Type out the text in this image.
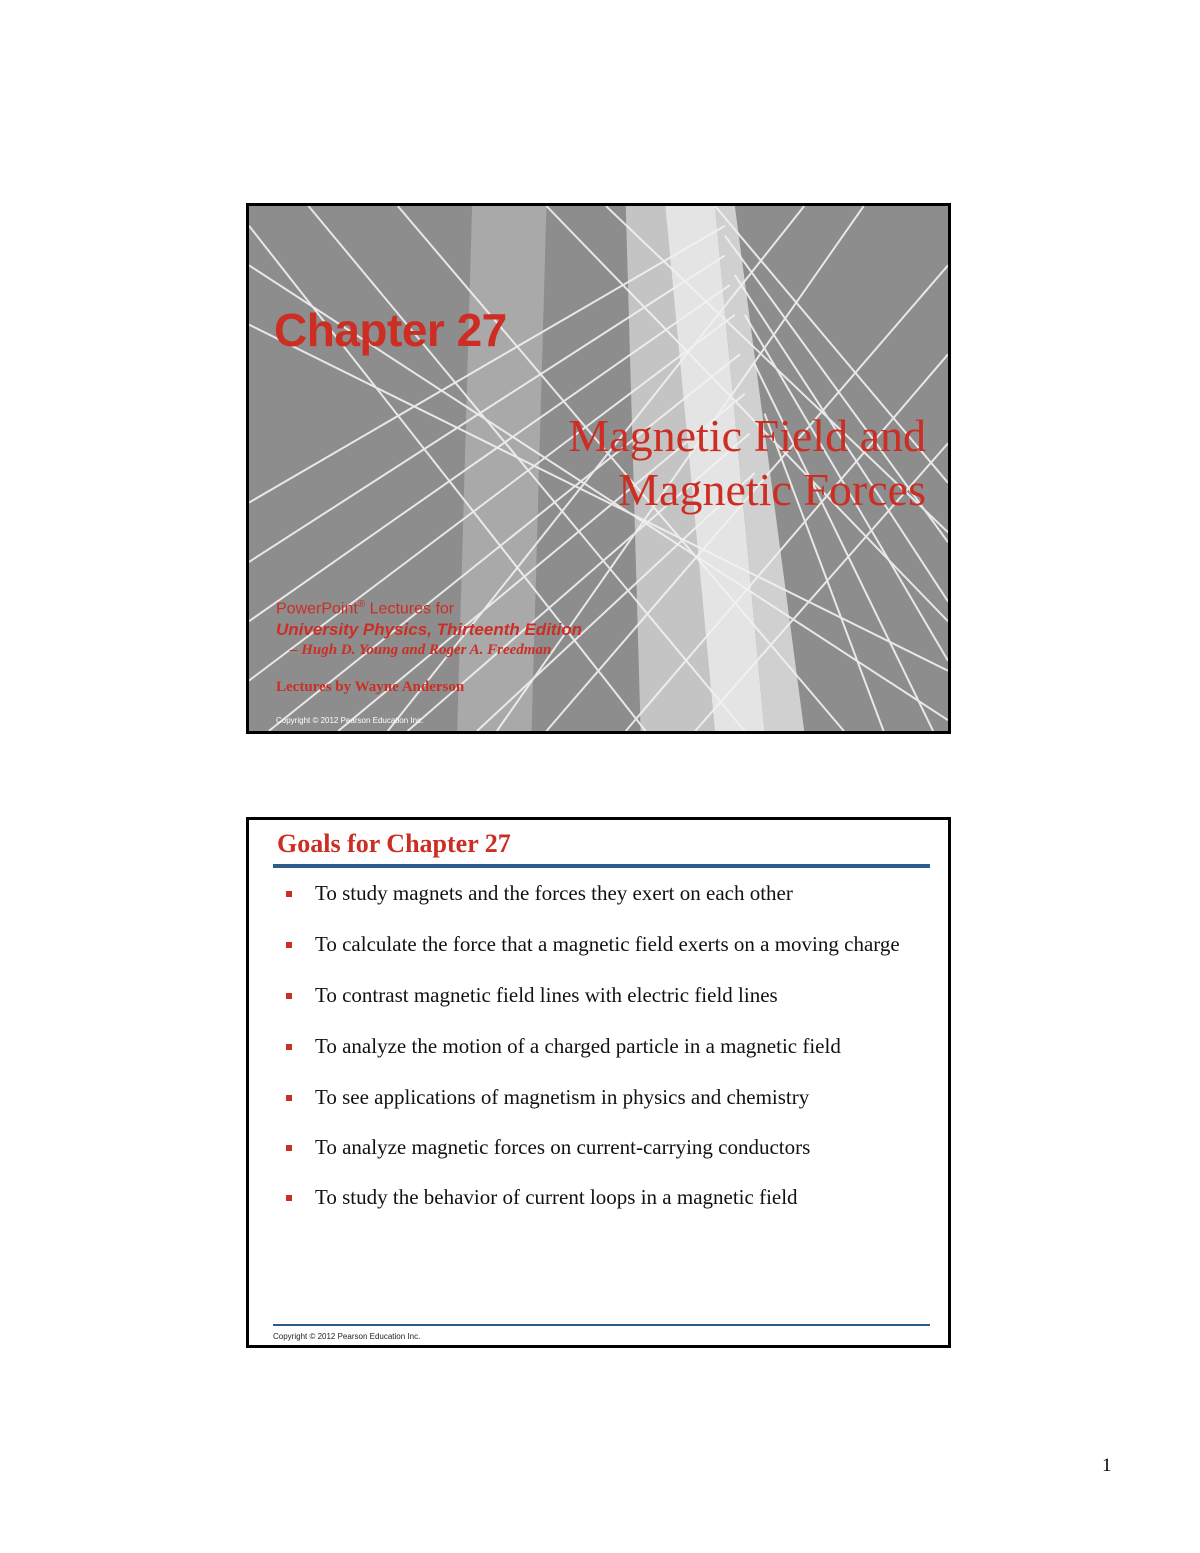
Chapter 27
Magnetic Field and
Magnetic Forces
PowerPoint® Lectures for
University Physics, Thirteenth Edition
– Hugh D. Young and Roger A. Freedman
Lectures by Wayne Anderson
Copyright © 2012 Pearson Education Inc.
Goals for Chapter 27
To study magnets and the forces they exert on each other
To calculate the force that a magnetic field exerts on a moving charge
To contrast magnetic field lines with electric field lines
To analyze the motion of a charged particle in a magnetic field
To see applications of magnetism in physics and chemistry
To analyze magnetic forces on current-carrying conductors
To study the behavior of current loops in a magnetic field
Copyright © 2012 Pearson Education Inc.
1
